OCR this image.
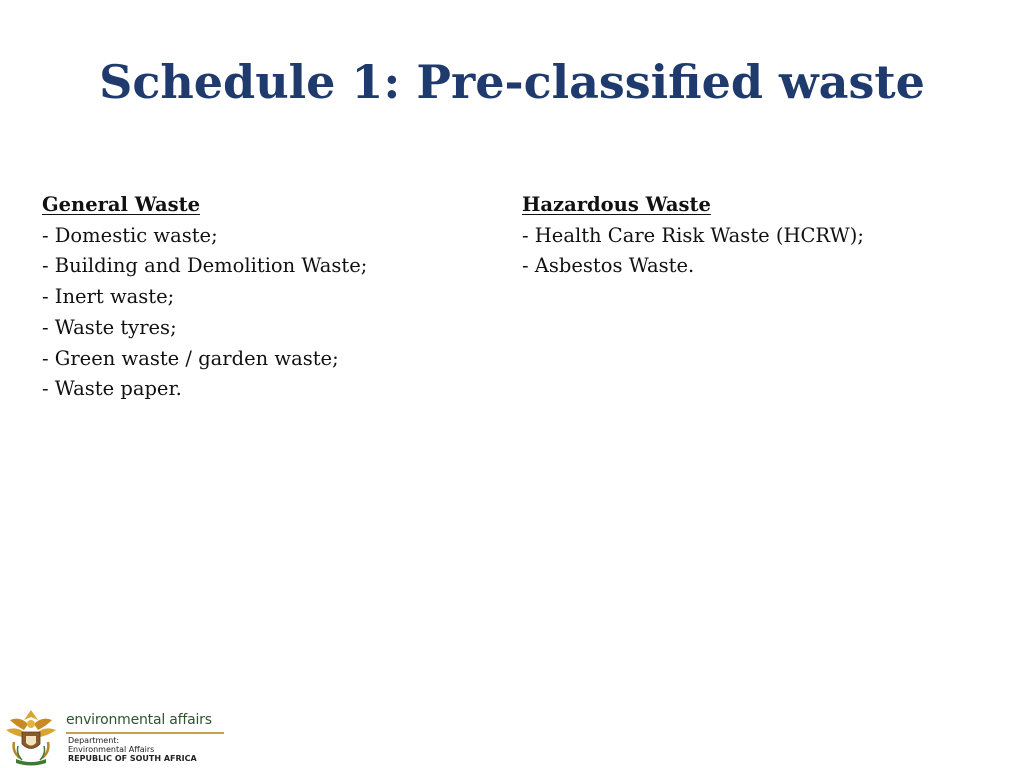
Schedule 1: Pre-classified waste
General Waste
- Domestic waste;
- Building and Demolition Waste;
- Inert waste;
- Waste tyres;
- Green waste / garden waste;
- Waste paper.
Hazardous Waste
- Health Care Risk Waste (HCRW);
- Asbestos Waste.
environmental affairs
Department:
Environmental Affairs
REPUBLIC OF SOUTH AFRICA
